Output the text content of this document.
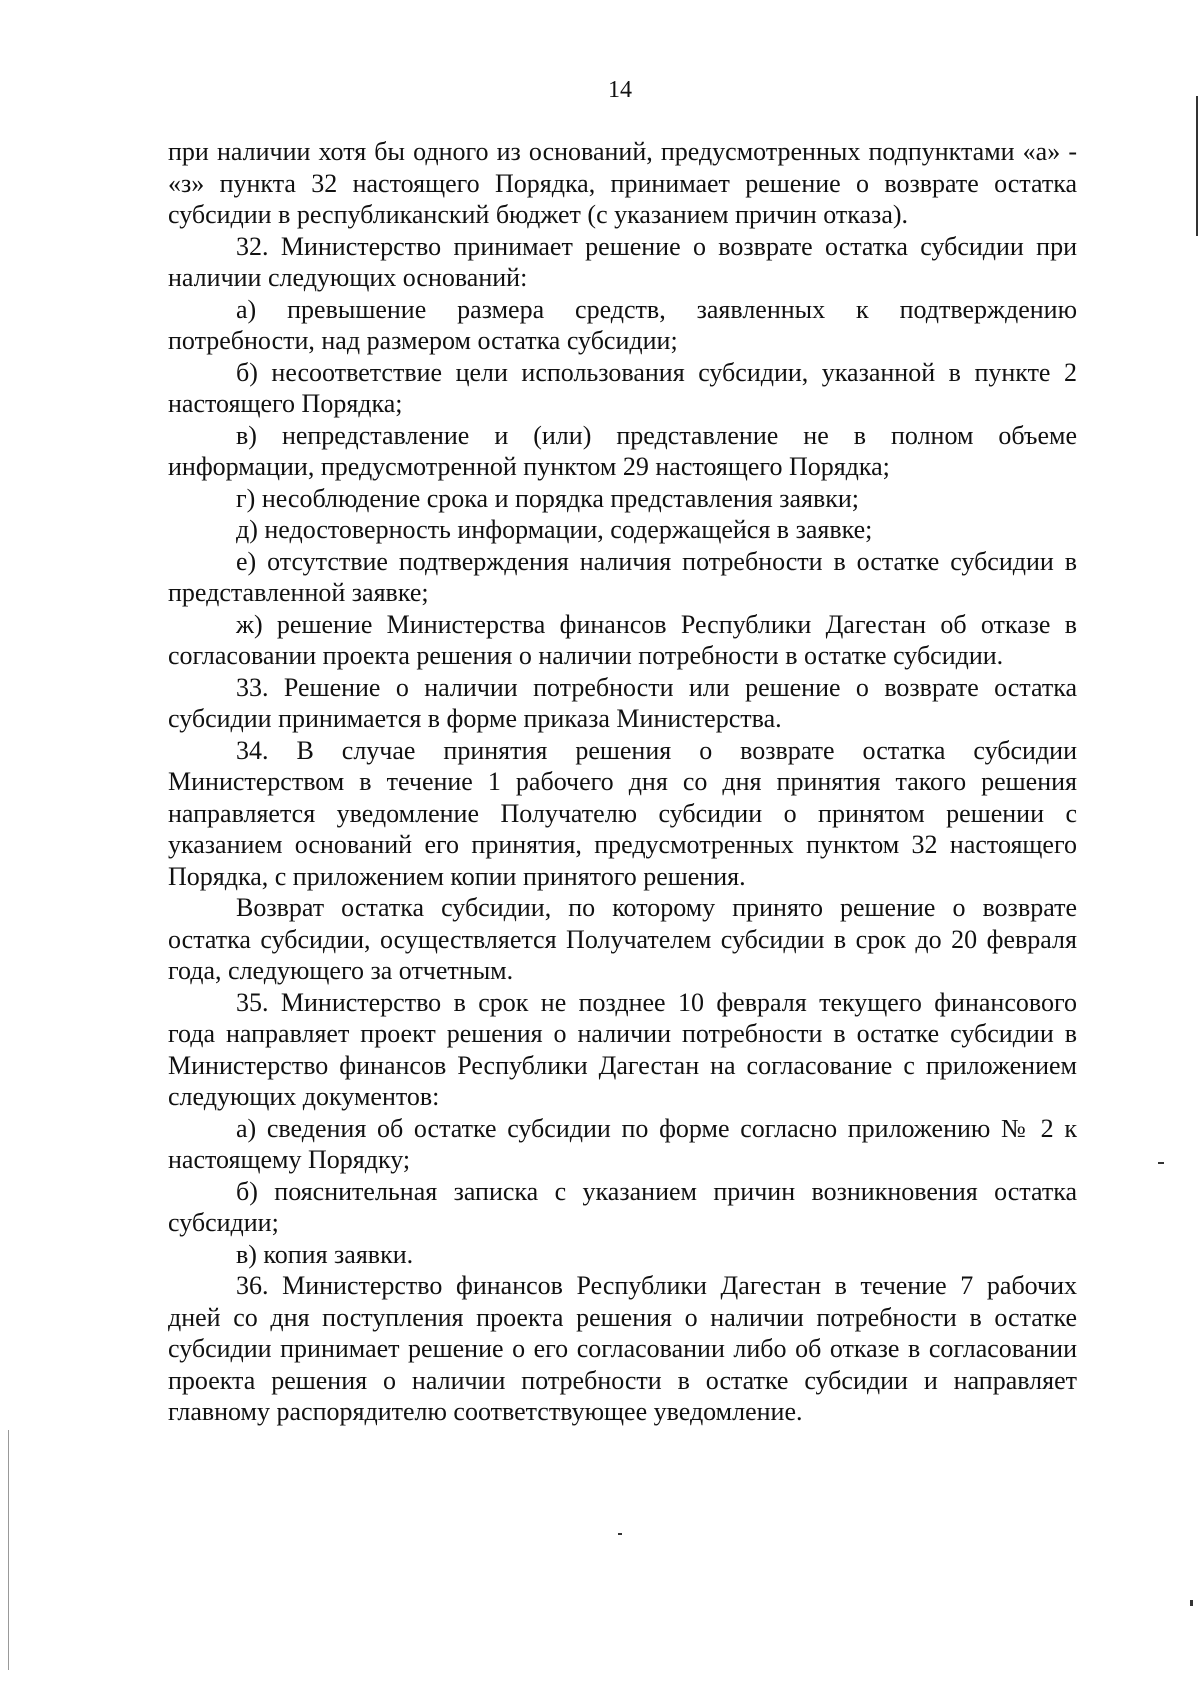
14

при наличии хотя бы одного из оснований, предусмотренных подпунктами «а» - «з» пункта 32 настоящего Порядка, принимает решение о возврате остатка субсидии в республиканский бюджет (с указанием причин отказа).

32. Министерство принимает решение о возврате остатка субсидии при наличии следующих оснований:

а) превышение размера средств, заявленных к подтверждению потребности, над размером остатка субсидии;

б) несоответствие цели использования субсидии, указанной в пункте 2 настоящего Порядка;

в) непредставление и (или) представление не в полном объеме информации, предусмотренной пунктом 29 настоящего Порядка;

г) несоблюдение срока и порядка представления заявки;

д) недостоверность информации, содержащейся в заявке;

е) отсутствие подтверждения наличия потребности в остатке субсидии в представленной заявке;

ж) решение Министерства финансов Республики Дагестан об отказе в согласовании проекта решения о наличии потребности в остатке субсидии.

33. Решение о наличии потребности или решение о возврате остатка субсидии принимается в форме приказа Министерства.

34. В случае принятия решения о возврате остатка субсидии Министерством в течение 1 рабочего дня со дня принятия такого решения направляется уведомление Получателю субсидии о принятом решении с указанием оснований его принятия, предусмотренных пунктом 32 настоящего Порядка, с приложением копии принятого решения.

Возврат остатка субсидии, по которому принято решение о возврате остатка субсидии, осуществляется Получателем субсидии в срок до 20 февраля года, следующего за отчетным.

35. Министерство в срок не позднее 10 февраля текущего финансового года направляет проект решения о наличии потребности в остатке субсидии в Министерство финансов Республики Дагестан на согласование с приложением следующих документов:

а) сведения об остатке субсидии по форме согласно приложению № 2 к настоящему Порядку;

б) пояснительная записка с указанием причин возникновения остатка субсидии;

в) копия заявки.

36. Министерство финансов Республики Дагестан в течение 7 рабочих дней со дня поступления проекта решения о наличии потребности в остатке субсидии принимает решение о его согласовании либо об отказе в согласовании проекта решения о наличии потребности в остатке субсидии и направляет главному распорядителю соответствующее уведомление.
